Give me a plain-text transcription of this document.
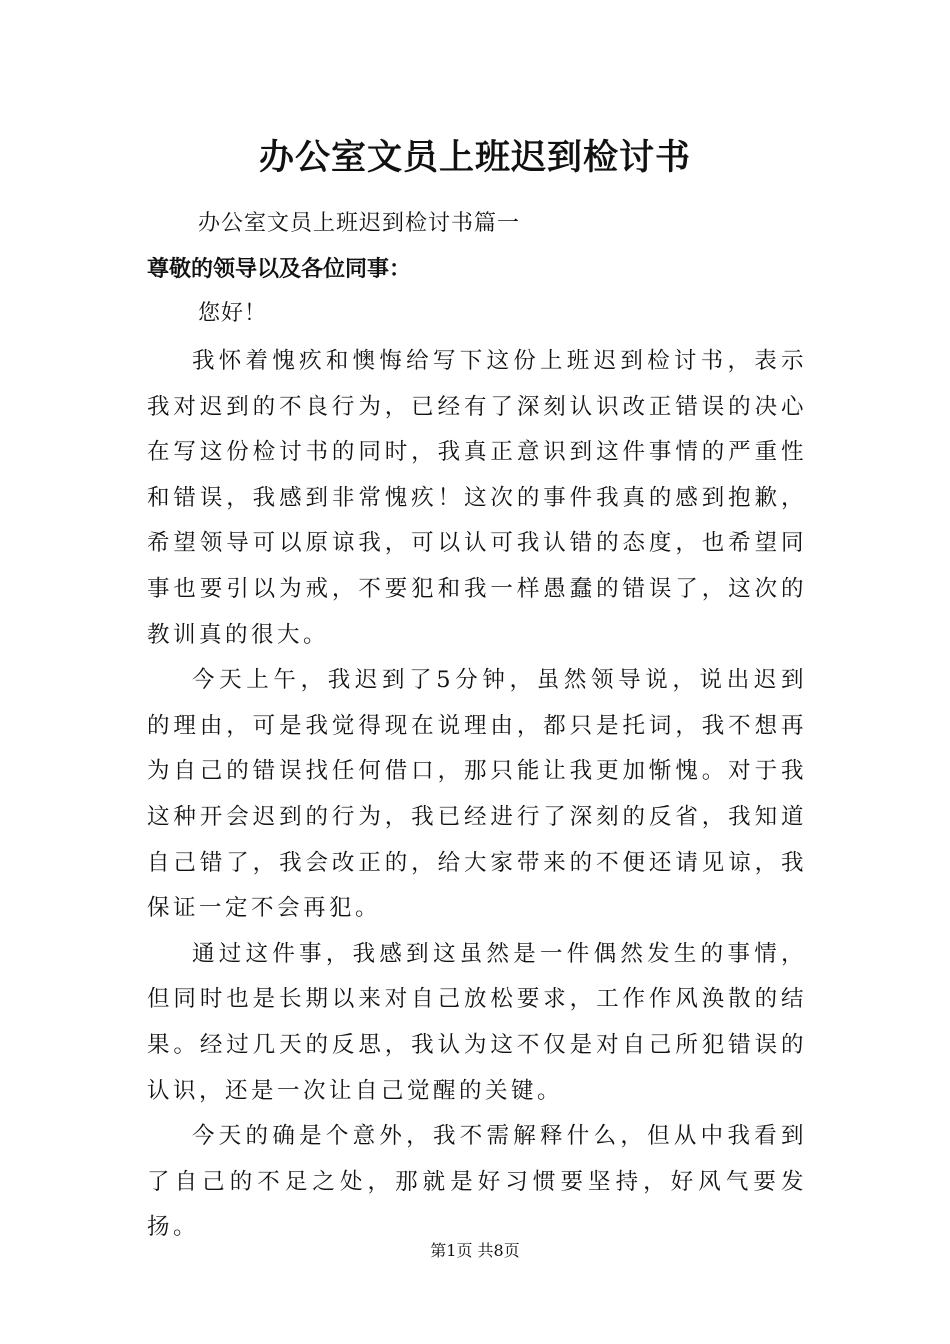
办公室文员上班迟到检讨书
办公室文员上班迟到检讨书篇一
尊敬的领导以及各位同事：
您好！

我怀着愧疚和懊悔给写下这份上班迟到检讨书，表示我对迟到的不良行为，已经有了深刻认识改正错误的决心在写这份检讨书的同时，我真正意识到这件事情的严重性和错误，我感到非常愧疚！这次的事件我真的感到抱歉，希望领导可以原谅我，可以认可我认错的态度，也希望同事也要引以为戒，不要犯和我一样愚蠢的错误了，这次的教训真的很大。

今天上午，我迟到了5分钟，虽然领导说，说出迟到的理由，可是我觉得现在说理由，都只是托词，我不想再为自己的错误找任何借口，那只能让我更加惭愧。对于我这种开会迟到的行为，我已经进行了深刻的反省，我知道自己错了，我会改正的，给大家带来的不便还请见谅，我保证一定不会再犯。

通过这件事，我感到这虽然是一件偶然发生的事情，但同时也是长期以来对自己放松要求，工作作风涣散的结果。经过几天的反思，我认为这不仅是对自己所犯错误的认识，还是一次让自己觉醒的关键。

今天的确是个意外，我不需解释什么，但从中我看到了自己的不足之处，那就是好习惯要坚持，好风气要发扬。

第1页 共8页
